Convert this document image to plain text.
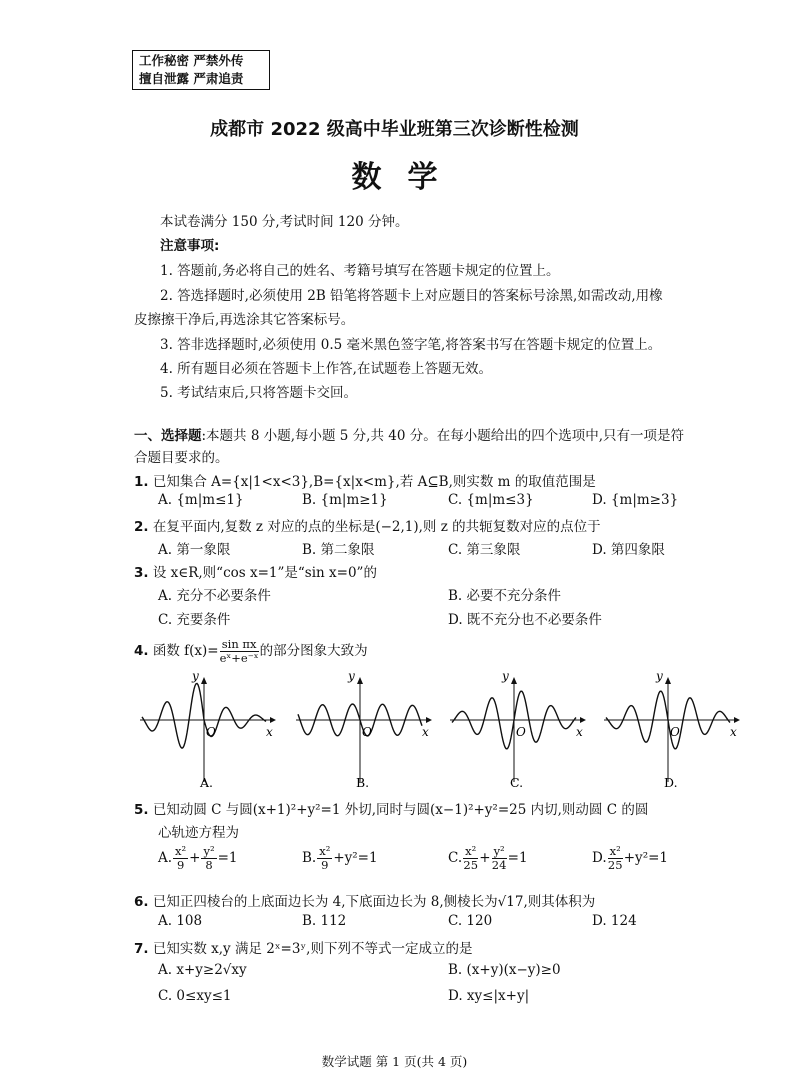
工作秘密 严禁外传
擅自泄露 严肃追责
成都市 2022 级高中毕业班第三次诊断性检测
数学
本试卷满分 150 分,考试时间 120 分钟。
注意事项:
1. 答题前,务必将自己的姓名、考籍号填写在答题卡规定的位置上。
2. 答选择题时,必须使用 2B 铅笔将答题卡上对应题目的答案标号涂黑,如需改动,用橡
皮擦擦干净后,再选涂其它答案标号。
3. 答非选择题时,必须使用 0.5 毫米黑色签字笔,将答案书写在答题卡规定的位置上。
4. 所有题目必须在答题卡上作答,在试题卷上答题无效。
5. 考试结束后,只将答题卡交回。
一、选择题:本题共 8 小题,每小题 5 分,共 40 分。在每小题给出的四个选项中,只有一项是符
合题目要求的。
1. 已知集合 A={x|1<x<3},B={x|x<m},若 A⊆B,则实数 m 的取值范围是
A. {m|m≤1}	B. {m|m≥1}	C. {m|m≤3}	D. {m|m≥3}
2. 在复平面内,复数 z 对应的点的坐标是(−2,1),则 z 的共轭复数对应的点位于
A. 第一象限	B. 第二象限	C. 第三象限	D. 第四象限
3. 设 x∈R,则“cos x=1”是“sin x=0”的
A. 充分不必要条件	B. 必要不充分条件
C. 充要条件	D. 既不充分也不必要条件
4. 函数 $f(x)= \frac{\text{sin πx}}{\text{eˣ+e⁻ˣ}}$ 的部分图象大致为
y
x
O
A.
y
x
O
B.
y
x
O
C.
y
x
O
D.
5. 已知动圆 C 与圆(x+1)²+y²=1 外切,同时与圆(x−1)²+y²=25 内切,则动圆 C 的圆
心轨迹方程为
A. $\frac{\text{x²}}{9} + \frac{\text{y²}}{8} =1$	B. $\frac{\text{x²}}{9} +y^2=1$	C. $\frac{\text{x²}}{25} + \frac{\text{y²}}{24} =1$	D. $\frac{\text{x²}}{25} +y^2=1$
6. 已知正四棱台的上底面边长为 4,下底面边长为 8,侧棱长为√17,则其体积为
A. 108	B. 112	C. 120	D. 124
7. 已知实数 x,y 满足 2ˣ=3ʸ,则下列不等式一定成立的是
A. x+y≥2√xy	B. (x+y)(x−y)≥0
C. 0≤xy≤1	D. xy≤|x+y|
数学试题 第 1 页(共 4 页)
